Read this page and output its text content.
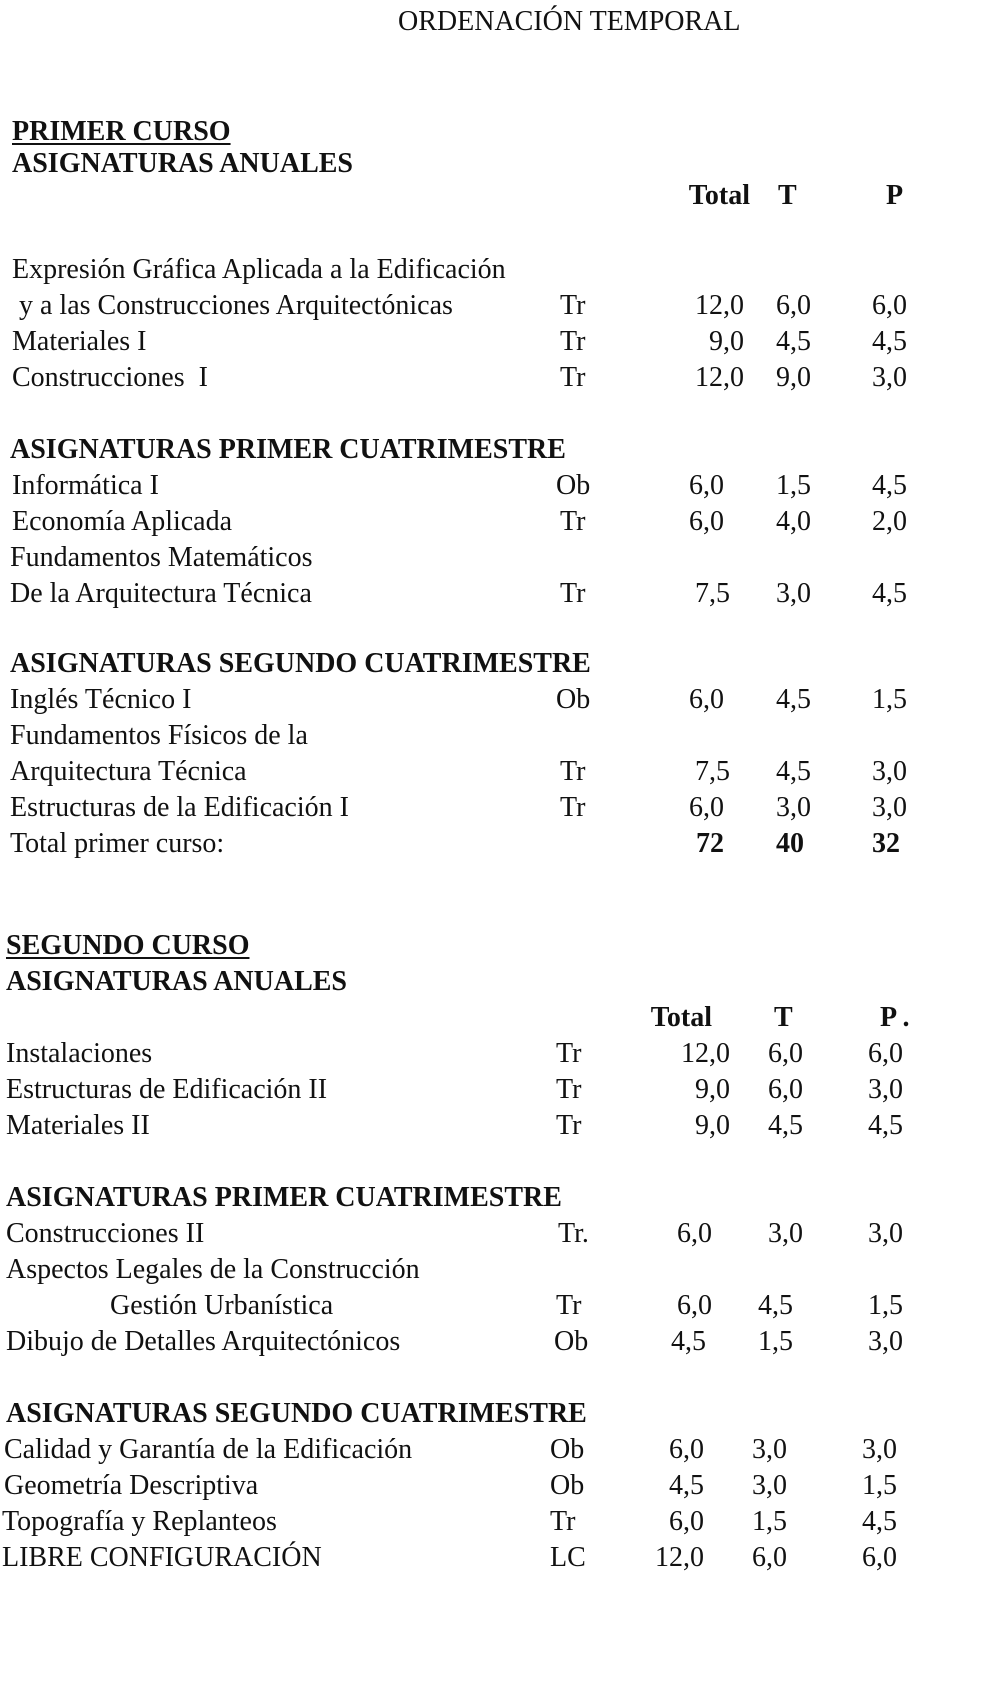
ORDENACIÓN TEMPORAL
PRIMER CURSO
ASIGNATURAS ANUALES
Total T	P
Expresión Gráfica Aplicada a la Edificación
y a las Construcciones Arquitectónicas	Tr	12,0 6,0 6,0
Materiales I	Tr	9,0 4,5 4,5
Construcciones  I	Tr	12,0 9,0 3,0
ASIGNATURAS PRIMER CUATRIMESTRE
Informática I	Ob	6,0 1,5 4,5
Economía Aplicada	Tr	6,0 4,0 2,0
Fundamentos Matemáticos
De la Arquitectura Técnica	Tr	7,5 3,0 4,5
ASIGNATURAS SEGUNDO CUATRIMESTRE
Inglés Técnico I	Ob	6,0 4,5 1,5
Fundamentos Físicos de la
Arquitectura Técnica	Tr	7,5 4,5 3,0
Estructuras de la Edificación I	Tr	6,0 3,0 3,0
Total primer curso:	72 40 32
SEGUNDO CURSO
ASIGNATURAS ANUALES
Total T	P .
Instalaciones	Tr	12,0 6,0 6,0
Estructuras de Edificación II	Tr	9,0 6,0 3,0
Materiales II	Tr	9,0 4,5 4,5
ASIGNATURAS PRIMER CUATRIMESTRE
Construcciones II	Tr.	6,0 3,0 3,0
Aspectos Legales de la Construcción
Gestión Urbanística	Tr	6,0 4,5	1,5
Dibujo de Detalles Arquitectónicos	Ob	4,5 1,5	3,0
ASIGNATURAS SEGUNDO CUATRIMESTRE
Calidad y Garantía de la Edificación	Ob	6,0 3,0	3,0
Geometría Descriptiva	Ob	4,5 3,0	1,5
Topografía y Replanteos	Tr	6,0 1,5	4,5
LIBRE CONFIGURACIÓN	LC	12,0 6,0	6,0
